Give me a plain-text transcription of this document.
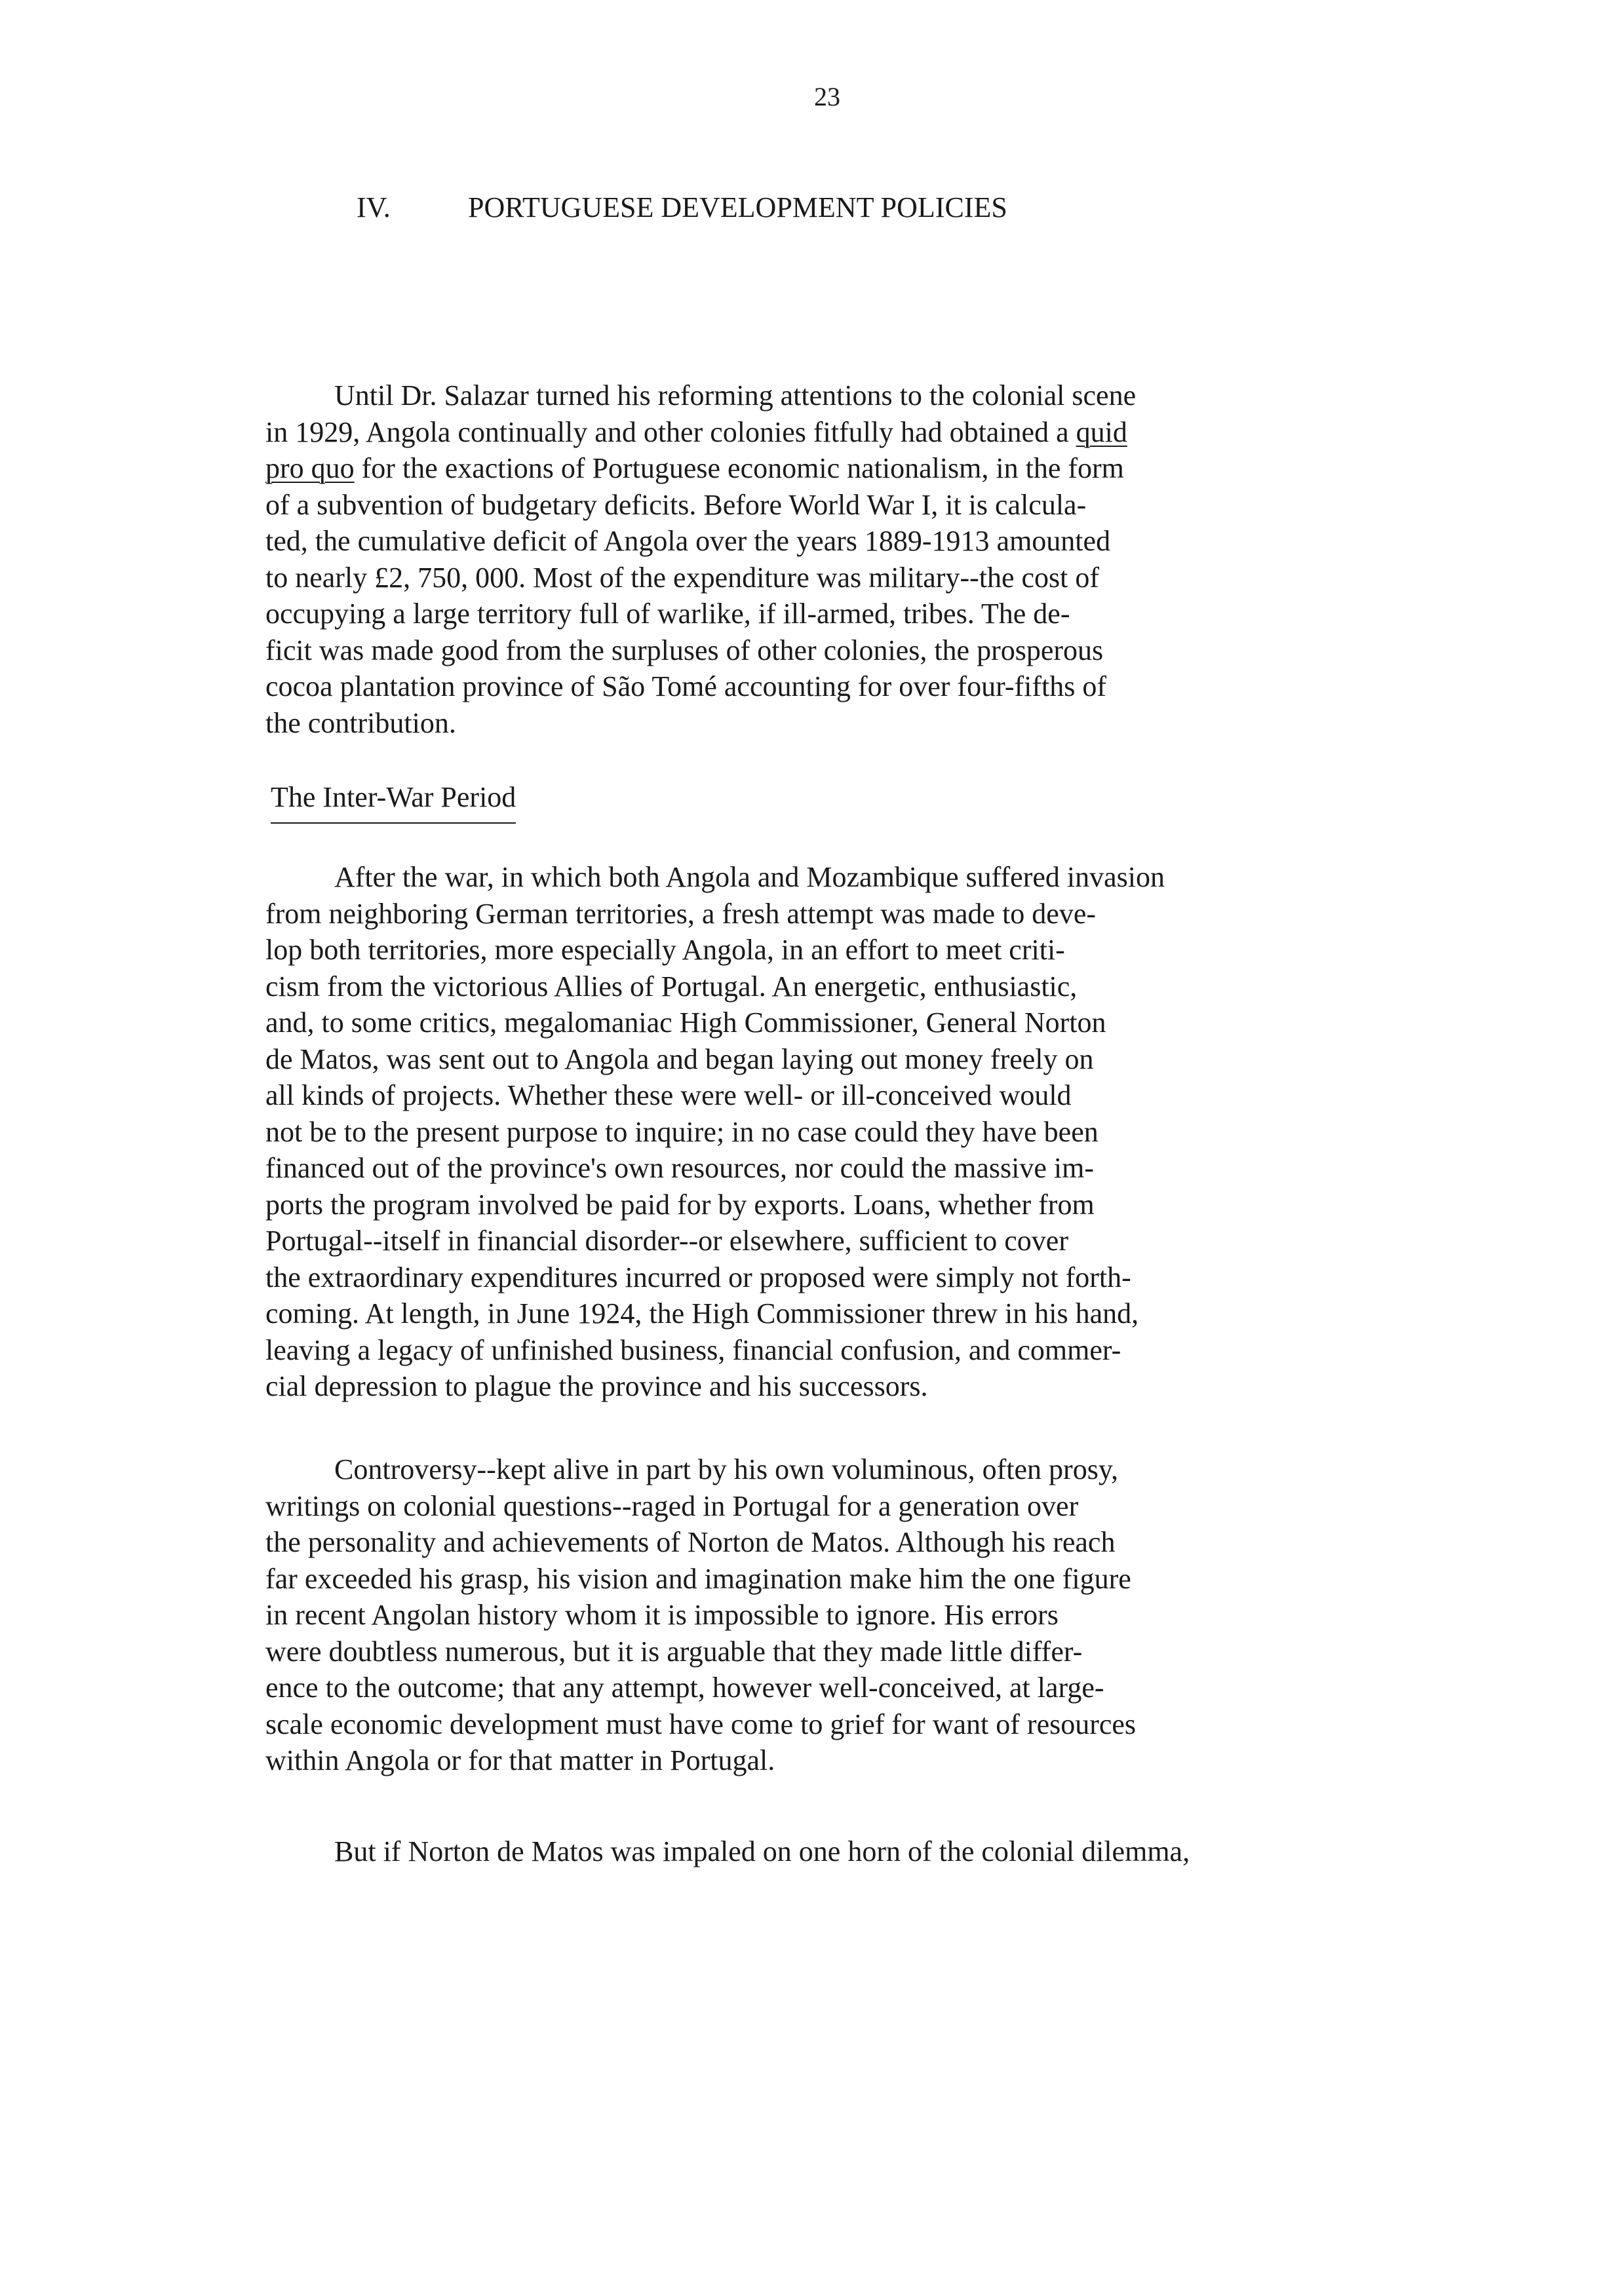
23
IV.	PORTUGUESE DEVELOPMENT POLICIES
Until Dr. Salazar turned his reforming attentions to the colonial scene
in 1929, Angola continually and other colonies fitfully had obtained a quid
pro quo for the exactions of Portuguese economic nationalism, in the form
of a subvention of budgetary deficits. Before World War I, it is calcula-
ted, the cumulative deficit of Angola over the years 1889-1913 amounted
to nearly £2, 750, 000. Most of the expenditure was military--the cost of
occupying a large territory full of warlike, if ill-armed, tribes. The de-
ficit was made good from the surpluses of other colonies, the prosperous
cocoa plantation province of São Tomé accounting for over four-fifths of
the contribution.
The Inter-War Period
After the war, in which both Angola and Mozambique suffered invasion
from neighboring German territories, a fresh attempt was made to deve-
lop both territories, more especially Angola, in an effort to meet criti-
cism from the victorious Allies of Portugal. An energetic, enthusiastic,
and, to some critics, megalomaniac High Commissioner, General Norton
de Matos, was sent out to Angola and began laying out money freely on
all kinds of projects. Whether these were well- or ill-conceived would
not be to the present purpose to inquire; in no case could they have been
financed out of the province's own resources, nor could the massive im-
ports the program involved be paid for by exports. Loans, whether from
Portugal--itself in financial disorder--or elsewhere, sufficient to cover
the extraordinary expenditures incurred or proposed were simply not forth-
coming. At length, in June 1924, the High Commissioner threw in his hand,
leaving a legacy of unfinished business, financial confusion, and commer-
cial depression to plague the province and his successors.
Controversy--kept alive in part by his own voluminous, often prosy,
writings on colonial questions--raged in Portugal for a generation over
the personality and achievements of Norton de Matos. Although his reach
far exceeded his grasp, his vision and imagination make him the one figure
in recent Angolan history whom it is impossible to ignore. His errors
were doubtless numerous, but it is arguable that they made little differ-
ence to the outcome; that any attempt, however well-conceived, at large-
scale economic development must have come to grief for want of resources
within Angola or for that matter in Portugal.
But if Norton de Matos was impaled on one horn of the colonial dilemma,
